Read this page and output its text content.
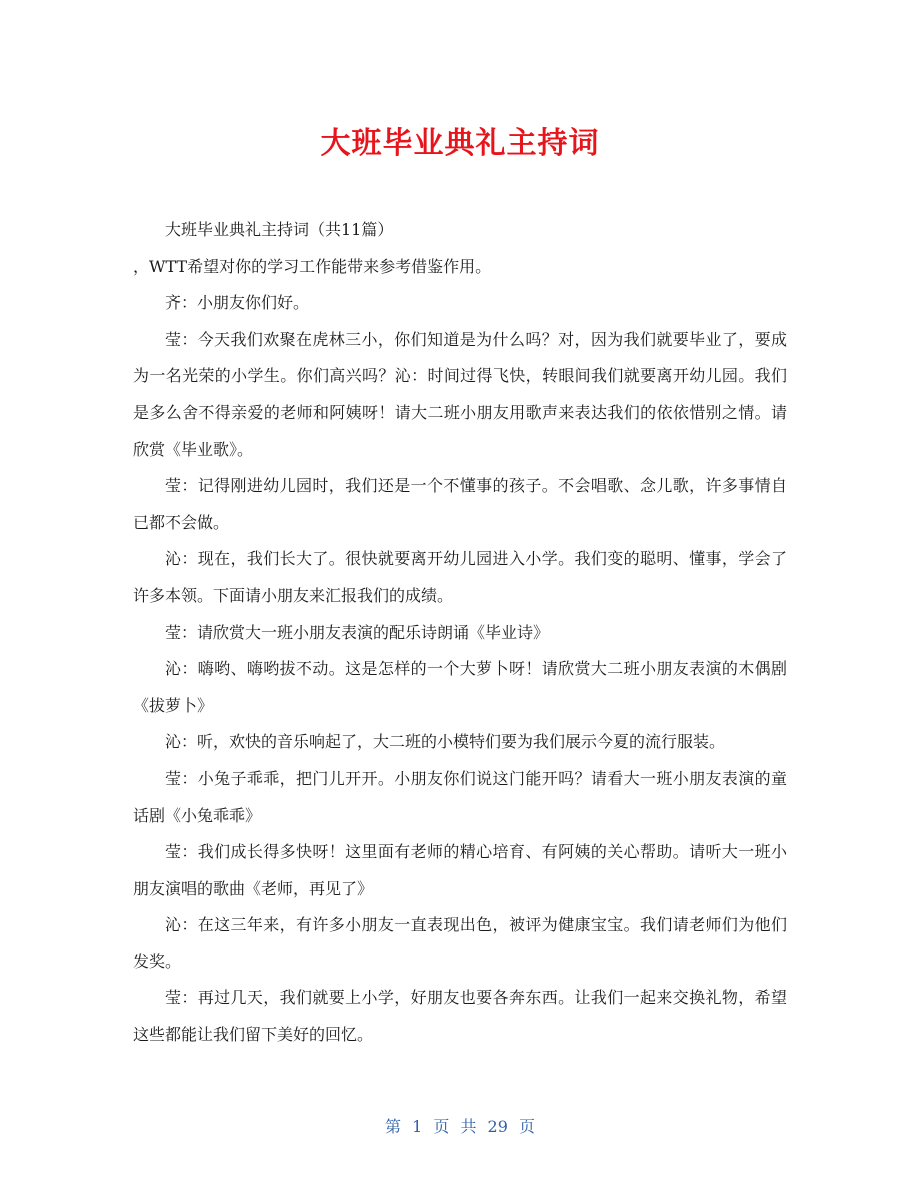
大班毕业典礼主持词

大班毕业典礼主持词（共11篇）

，WTT希望对你的学习工作能带来参考借鉴作用。

齐：小朋友你们好。

莹：今天我们欢聚在虎林三小，你们知道是为什么吗？对，因为我们就要毕业了，要成为一名光荣的小学生。你们高兴吗？沁：时间过得飞快，转眼间我们就要离开幼儿园。我们是多么舍不得亲爱的老师和阿姨呀！请大二班小朋友用歌声来表达我们的依依惜别之情。请欣赏《毕业歌》。

莹：记得刚进幼儿园时，我们还是一个不懂事的孩子。不会唱歌、念儿歌，许多事情自已都不会做。

沁：现在，我们长大了。很快就要离开幼儿园进入小学。我们变的聪明、懂事，学会了许多本领。下面请小朋友来汇报我们的成绩。

莹：请欣赏大一班小朋友表演的配乐诗朗诵《毕业诗》

沁：嗨哟、嗨哟拔不动。这是怎样的一个大萝卜呀！请欣赏大二班小朋友表演的木偶剧《拔萝卜》

沁：听，欢快的音乐响起了，大二班的小模特们要为我们展示今夏的流行服装。

莹：小兔子乖乖，把门儿开开。小朋友你们说这门能开吗？请看大一班小朋友表演的童话剧《小兔乖乖》

莹：我们成长得多快呀！这里面有老师的精心培育、有阿姨的关心帮助。请听大一班小朋友演唱的歌曲《老师，再见了》

沁：在这三年来，有许多小朋友一直表现出色，被评为健康宝宝。我们请老师们为他们发奖。

莹：再过几天，我们就要上小学，好朋友也要各奔东西。让我们一起来交换礼物，希望这些都能让我们留下美好的回忆。

第 1 页 共 29 页
